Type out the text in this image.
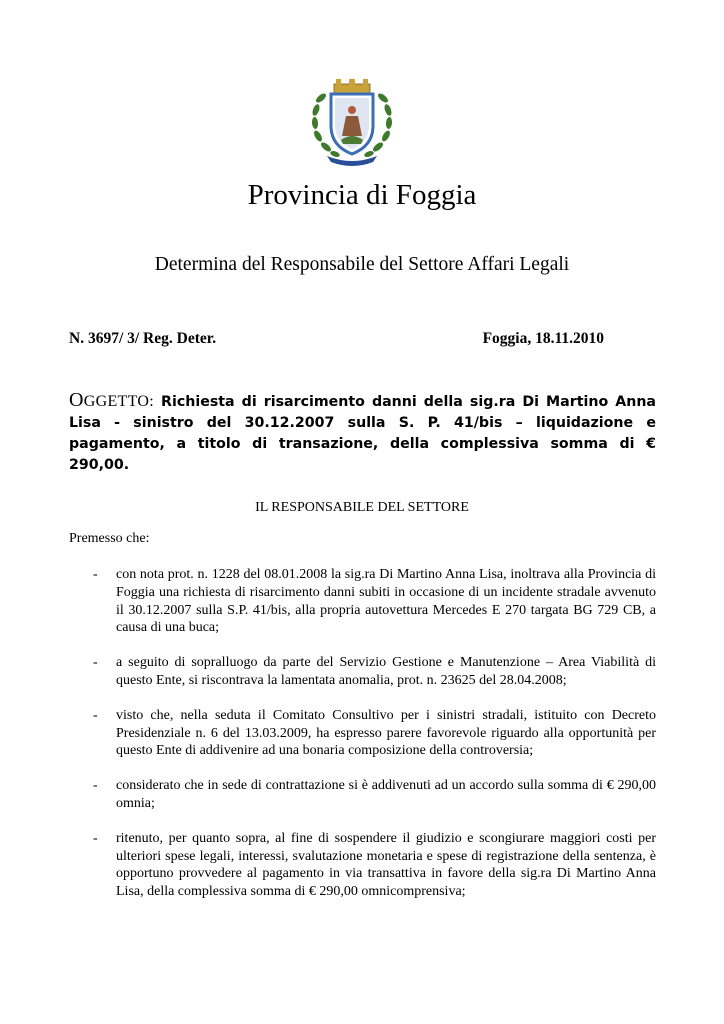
Provincia di Foggia
Determina del Responsabile del Settore Affari Legali
N. 3697/ 3/ Reg. Deter.	Foggia, 18.11.2010
OGGETTO: Richiesta di risarcimento danni della sig.ra Di Martino Anna Lisa - sinistro del 30.12.2007 sulla S. P. 41/bis – liquidazione e pagamento, a titolo di transazione, della complessiva somma di € 290,00.
IL RESPONSABILE DEL SETTORE
Premesso che:
- con nota prot. n. 1228 del 08.01.2008 la sig.ra Di Martino Anna Lisa, inoltrava alla Provincia di Foggia una richiesta di risarcimento danni subiti in occasione di un incidente stradale avvenuto il 30.12.2007 sulla S.P. 41/bis, alla propria autovettura Mercedes E 270 targata BG 729 CB, a causa di una buca;
- a seguito di sopralluogo da parte del Servizio Gestione e Manutenzione – Area Viabilità di questo Ente, si riscontrava la lamentata anomalia, prot. n. 23625 del 28.04.2008;
- visto che, nella seduta il Comitato Consultivo per i sinistri stradali, istituito con Decreto Presidenziale n. 6 del 13.03.2009, ha espresso parere favorevole riguardo alla opportunità per questo Ente di addivenire ad una bonaria composizione della controversia;
- considerato che in sede di contrattazione si è addivenuti ad un accordo sulla somma di € 290,00 omnia;
- ritenuto, per quanto sopra, al fine di sospendere il giudizio e scongiurare maggiori costi per ulteriori spese legali, interessi, svalutazione monetaria e spese di registrazione della sentenza, è opportuno provvedere al pagamento in via transattiva in favore della sig.ra Di Martino Anna Lisa, della complessiva somma di € 290,00 omnicomprensiva;
